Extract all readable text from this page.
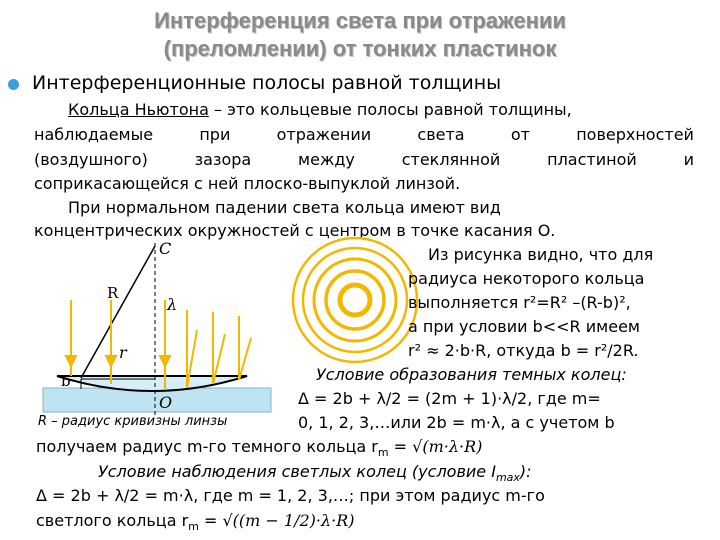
Интерференция света при отражении
(преломлении) от тонких пластинок
Интерференционные полосы равной толщины
Кольца Ньютона – это кольцевые полосы равной толщины,
наблюдаемые	при	отражении	света	от	поверхностей
(воздушного)	зазора	между	стеклянной	пластиной	и
соприкасающейся с ней плоско-выпуклой линзой.
При нормальном падении света кольца имеют вид
концентрических окружностей с центром в точке касания О.
C
R
λ
r
b
O
R – радиус кривизны линзы
Из рисунка видно, что для
радиуса некоторого кольца
выполняется r²=R² –(R-b)²,
а при условии b<<R имеем
r² ≈ 2·b·R, откуда b = r²/2R.
Условие образования темных колец:
Δ = 2b + λ/2 = (2m + 1)·λ/2, где m=
0, 1, 2, 3,…или 2b = m·λ, а с учетом b
получаем радиус m-го темного кольца $r_m = √(m\cdot\lambda\cdot R)$
Условие наблюдения светлых колец (условие $I_{max}$):
Δ = 2b + λ/2 = m·λ, где m = 1, 2, 3,…; при этом радиус m-го
светлого кольца $r_m = √((m - 1/2)\cdot\lambda\cdot R)$
